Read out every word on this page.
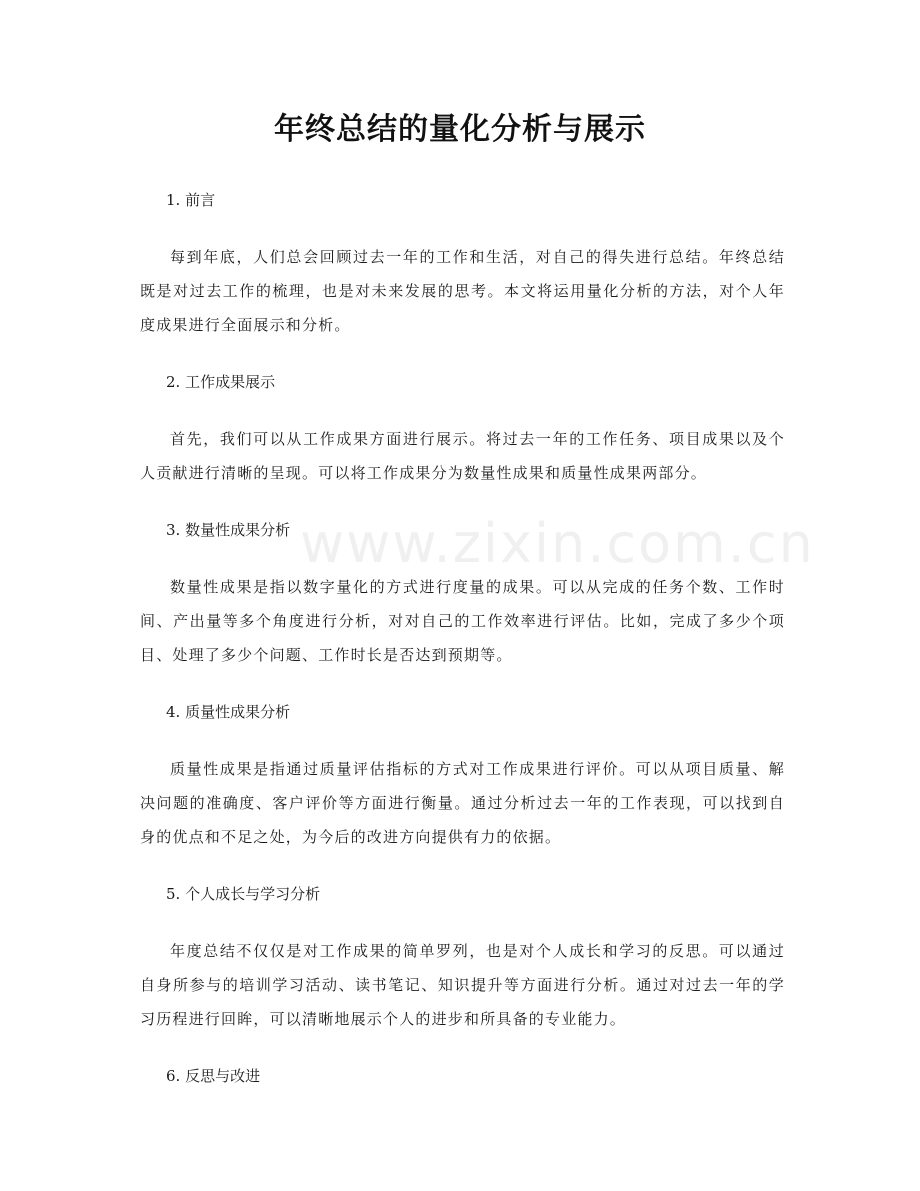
年终总结的量化分析与展示
1. 前言
每到年底，人们总会回顾过去一年的工作和生活，对自己的得失进行总结。年终总结既是对过去工作的梳理，也是对未来发展的思考。本文将运用量化分析的方法，对个人年度成果进行全面展示和分析。
2. 工作成果展示
首先，我们可以从工作成果方面进行展示。将过去一年的工作任务、项目成果以及个人贡献进行清晰的呈现。可以将工作成果分为数量性成果和质量性成果两部分。
3. 数量性成果分析
数量性成果是指以数字量化的方式进行度量的成果。可以从完成的任务个数、工作时间、产出量等多个角度进行分析，对对自己的工作效率进行评估。比如，完成了多少个项目、处理了多少个问题、工作时长是否达到预期等。
4. 质量性成果分析
质量性成果是指通过质量评估指标的方式对工作成果进行评价。可以从项目质量、解决问题的准确度、客户评价等方面进行衡量。通过分析过去一年的工作表现，可以找到自身的优点和不足之处，为今后的改进方向提供有力的依据。
5. 个人成长与学习分析
年度总结不仅仅是对工作成果的简单罗列，也是对个人成长和学习的反思。可以通过自身所参与的培训学习活动、读书笔记、知识提升等方面进行分析。通过对过去一年的学习历程进行回眸，可以清晰地展示个人的进步和所具备的专业能力。
6. 反思与改进
www.zixin.com.cn
